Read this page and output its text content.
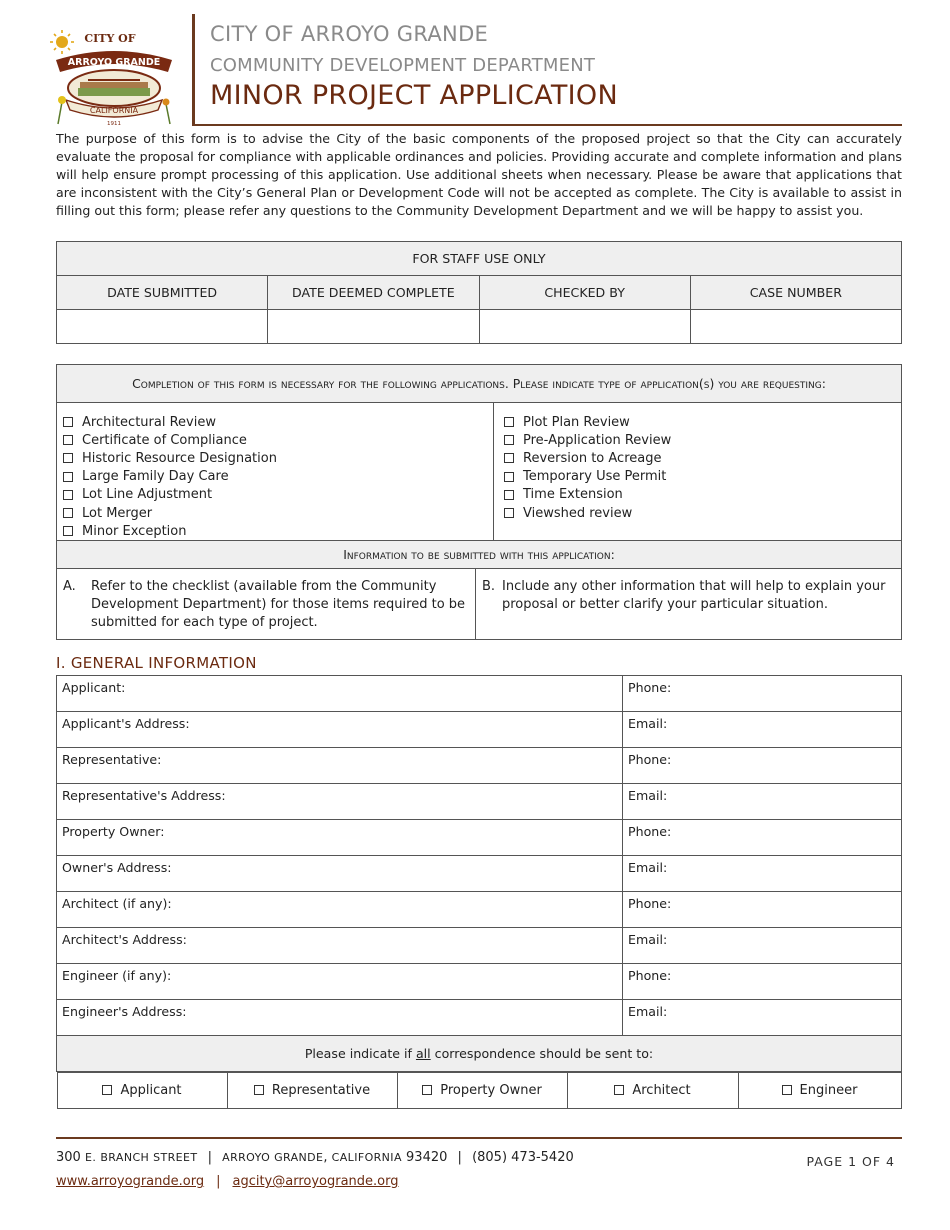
CITY OF
ARROYO GRANDE
CALIFORNIA
1911
CITY OF ARROYO GRANDE
COMMUNITY DEVELOPMENT DEPARTMENT
MINOR PROJECT APPLICATION
The purpose of this form is to advise the City of the basic components of the proposed project so that the City can accurately evaluate the proposal for compliance with applicable ordinances and policies. Providing accurate and complete information and plans will help ensure prompt processing of this application. Use additional sheets when necessary. Please be aware that applications that are inconsistent with the City’s General Plan or Development Code will not be accepted as complete. The City is available to assist in filling out this form; please refer any questions to the Community Development Department and we will be happy to assist you.
FOR STAFF USE ONLY			
DATE SUBMITTED	DATE DEEMED COMPLETE	CHECKED BY	CASE NUMBER

Completion of this form is necessary for the following applications. Please indicate type of application(s) you are requesting:
Architectural Review
Certificate of Compliance
Historic Resource Designation
Large Family Day Care
Lot Line Adjustment
Lot Merger
Minor Exception
Plot Plan Review
Pre-Application Review
Reversion to Acreage
Temporary Use Permit
Time Extension
Viewshed review
Information to be submitted with this application:
A.	Refer to the checklist (available from the Community Development Department) for those items required to be submitted for each type of project.
B. Include any other information that will help to explain your proposal or better clarify your particular situation.
I. GENERAL INFORMATION
Applicant:	Phone:
Applicant's Address:	Email:
Representative:	Phone:
Representative's Address:	Email:
Property Owner:	Phone:
Owner's Address:	Email:
Architect (if any):	Phone:
Architect's Address:	Email:
Engineer (if any):	Phone:
Engineer's Address:	Email:
Please indicate if all correspondence should be sent to:

Applicant	Representative	Property Owner	Architect	Engineer
300 E. BRANCH STREET | ARROYO GRANDE, CALIFORNIA 93420 | (805) 473-5420
www.arroyogrande.org | agcity@arroyogrande.org
PAGE 1 OF 4
